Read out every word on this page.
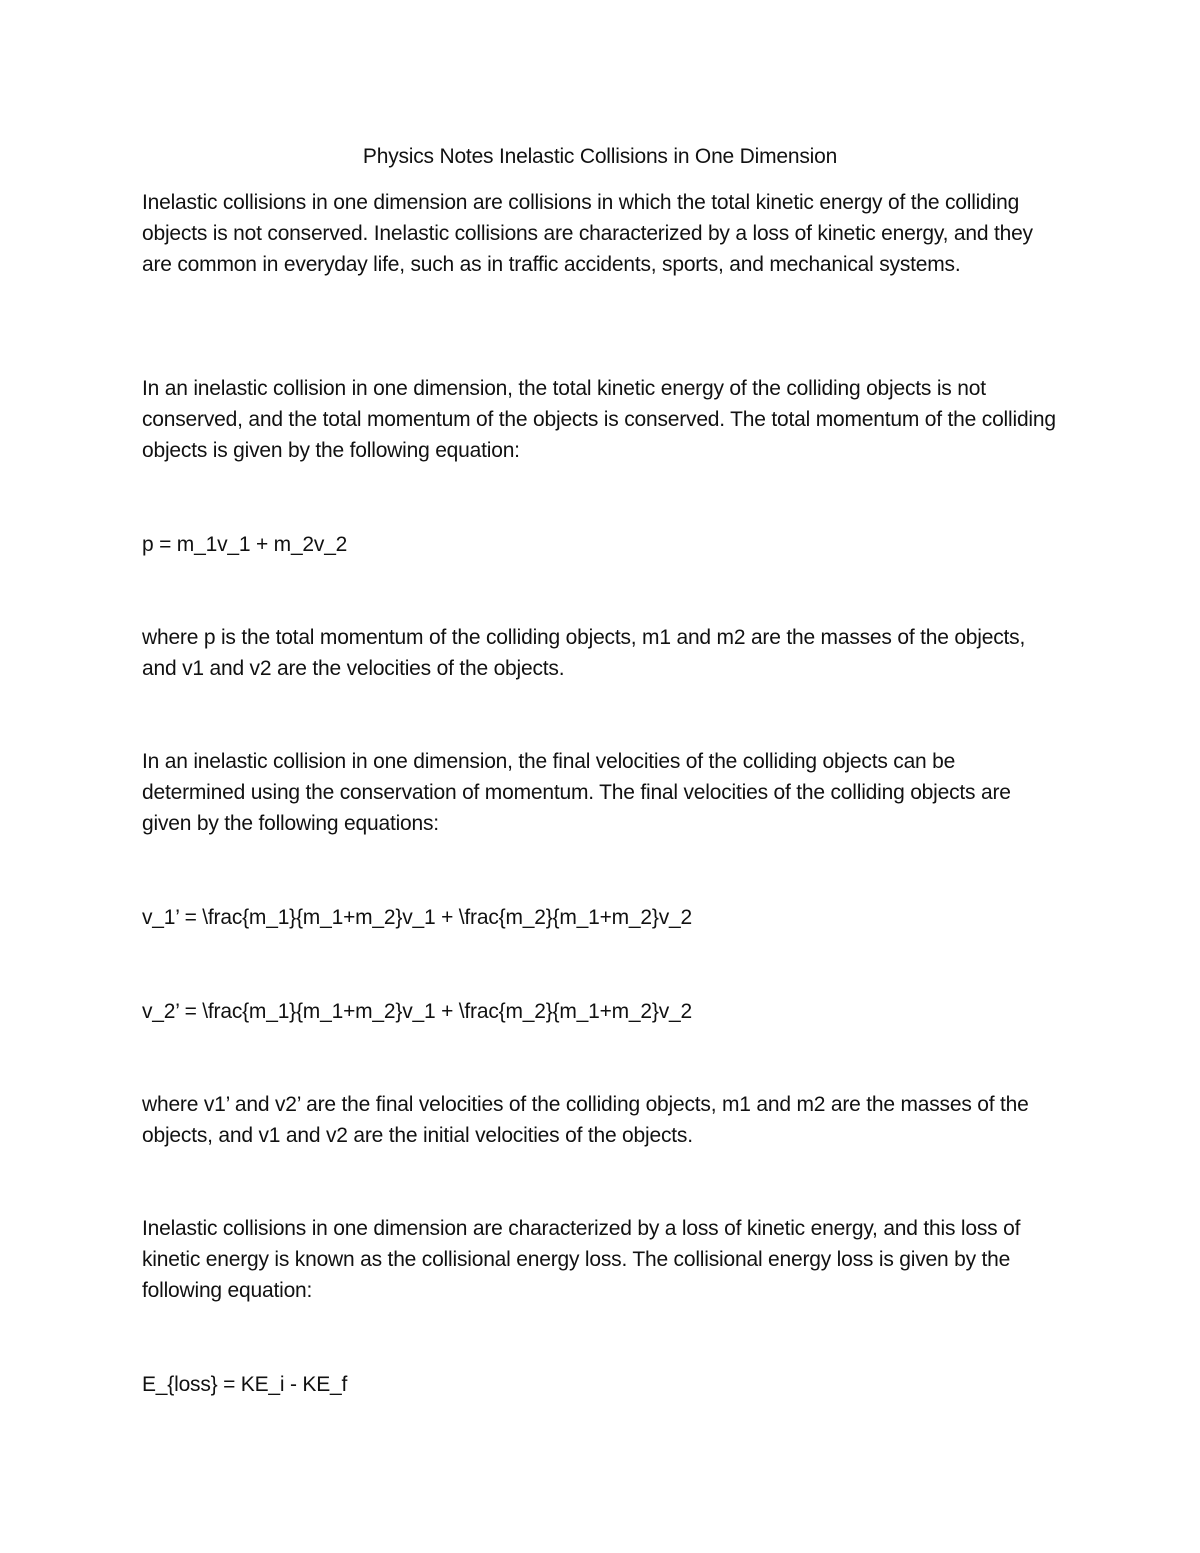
Physics Notes Inelastic Collisions in One Dimension

Inelastic collisions in one dimension are collisions in which the total kinetic energy of the colliding objects is not conserved. Inelastic collisions are characterized by a loss of kinetic energy, and they are common in everyday life, such as in traffic accidents, sports, and mechanical systems.

In an inelastic collision in one dimension, the total kinetic energy of the colliding objects is not conserved, and the total momentum of the objects is conserved. The total momentum of the colliding objects is given by the following equation:

p = m_1v_1 + m_2v_2

where p is the total momentum of the colliding objects, m1 and m2 are the masses of the objects, and v1 and v2 are the velocities of the objects.

In an inelastic collision in one dimension, the final velocities of the colliding objects can be determined using the conservation of momentum. The final velocities of the colliding objects are given by the following equations:

v_1’ = \frac{m_1}{m_1+m_2}v_1 + \frac{m_2}{m_1+m_2}v_2

v_2’ = \frac{m_1}{m_1+m_2}v_1 + \frac{m_2}{m_1+m_2}v_2

where v1’ and v2’ are the final velocities of the colliding objects, m1 and m2 are the masses of the objects, and v1 and v2 are the initial velocities of the objects.

Inelastic collisions in one dimension are characterized by a loss of kinetic energy, and this loss of kinetic energy is known as the collisional energy loss. The collisional energy loss is given by the following equation:

E_{loss} = KE_i - KE_f
